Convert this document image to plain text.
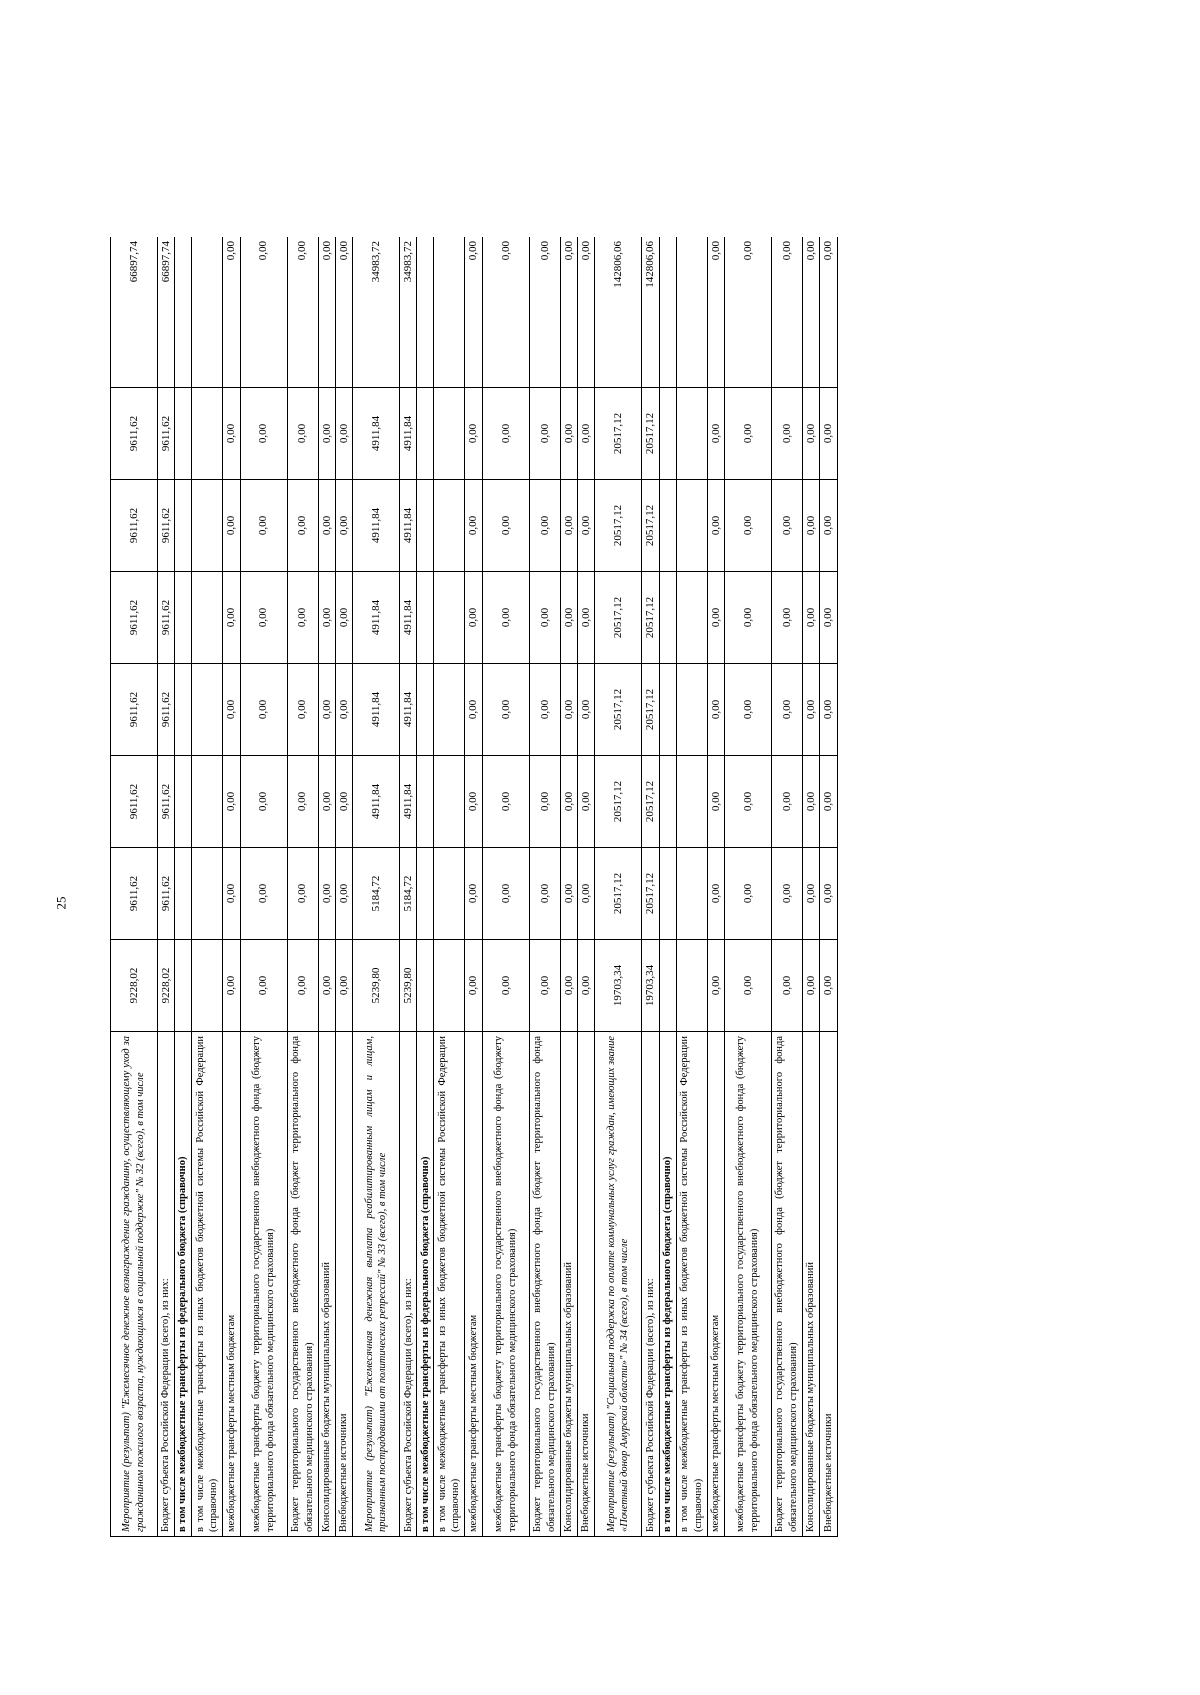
25
Мероприятие (результат) "Ежемесячное денежное вознаграждение гражданину, осуществляющему уход за гражданином пожилого возраста, нуждающимся в социальной поддержке" № 32 (всего), в том числе	9228,02	9611,62	9611,62	9611,62	9611,62	9611,62	9611,62	66897,74
Бюджет субъекта Российской Федерации (всего), из них:	9228,02	9611,62	9611,62	9611,62	9611,62	9611,62	9611,62	66897,74
в том числе межбюджетные трансферты из федерального бюджета (справочно)								
в том числе межбюджетные трансферты из иных бюджетов бюджетной системы Российской Федерации (справочно)								
межбюджетные трансферты местным бюджетам	0,00	0,00	0,00	0,00	0,00	0,00	0,00	0,00
межбюджетные трансферты бюджету территориального государственного внебюджетного фонда (бюджету территориального фонда обязательного медицинского страхования)	0,00	0,00	0,00	0,00	0,00	0,00	0,00	0,00
Бюджет территориального государственного внебюджетного фонда (бюджет территориального фонда обязательного медицинского страхования)	0,00	0,00	0,00	0,00	0,00	0,00	0,00	0,00
Консолидированные бюджеты муниципальных образований	0,00	0,00	0,00	0,00	0,00	0,00	0,00	0,00
Внебюджетные источники	0,00	0,00	0,00	0,00	0,00	0,00	0,00	0,00
Мероприятие (результат) "Ежемесячная денежная выплата реабилитированным лицам и лицам, признанным пострадавшими от политических репрессий" № 33 (всего), в том числе	5239,80	5184,72	4911,84	4911,84	4911,84	4911,84	4911,84	34983,72
Бюджет субъекта Российской Федерации (всего), из них:	5239,80	5184,72	4911,84	4911,84	4911,84	4911,84	4911,84	34983,72
в том числе межбюджетные трансферты из федерального бюджета (справочно)								
в том числе межбюджетные трансферты из иных бюджетов бюджетной системы Российской Федерации (справочно)								
межбюджетные трансферты местным бюджетам	0,00	0,00	0,00	0,00	0,00	0,00	0,00	0,00
межбюджетные трансферты бюджету территориального государственного внебюджетного фонда (бюджету территориального фонда обязательного медицинского страхования)	0,00	0,00	0,00	0,00	0,00	0,00	0,00	0,00
Бюджет территориального государственного внебюджетного фонда (бюджет территориального фонда обязательного медицинского страхования)	0,00	0,00	0,00	0,00	0,00	0,00	0,00	0,00
Консолидированные бюджеты муниципальных образований	0,00	0,00	0,00	0,00	0,00	0,00	0,00	0,00
Внебюджетные источники	0,00	0,00	0,00	0,00	0,00	0,00	0,00	0,00
Мероприятие (результат) "Социальная поддержка по оплате коммунальных услуг граждан, имеющих звание «Почетный донор Амурской области»" № 34 (всего), в том числе	19703,34	20517,12	20517,12	20517,12	20517,12	20517,12	20517,12	142806,06
Бюджет субъекта Российской Федерации (всего), из них:	19703,34	20517,12	20517,12	20517,12	20517,12	20517,12	20517,12	142806,06
в том числе межбюджетные трансферты из федерального бюджета (справочно)								
в том числе межбюджетные трансферты из иных бюджетов бюджетной системы Российской Федерации (справочно)								
межбюджетные трансферты местным бюджетам	0,00	0,00	0,00	0,00	0,00	0,00	0,00	0,00
межбюджетные трансферты бюджету территориального государственного внебюджетного фонда (бюджету территориального фонда обязательного медицинского страхования)	0,00	0,00	0,00	0,00	0,00	0,00	0,00	0,00
Бюджет территориального государственного внебюджетного фонда (бюджет территориального фонда обязательного медицинского страхования)	0,00	0,00	0,00	0,00	0,00	0,00	0,00	0,00
Консолидированные бюджеты муниципальных образований	0,00	0,00	0,00	0,00	0,00	0,00	0,00	0,00
Внебюджетные источники	0,00	0,00	0,00	0,00	0,00	0,00	0,00	0,00
